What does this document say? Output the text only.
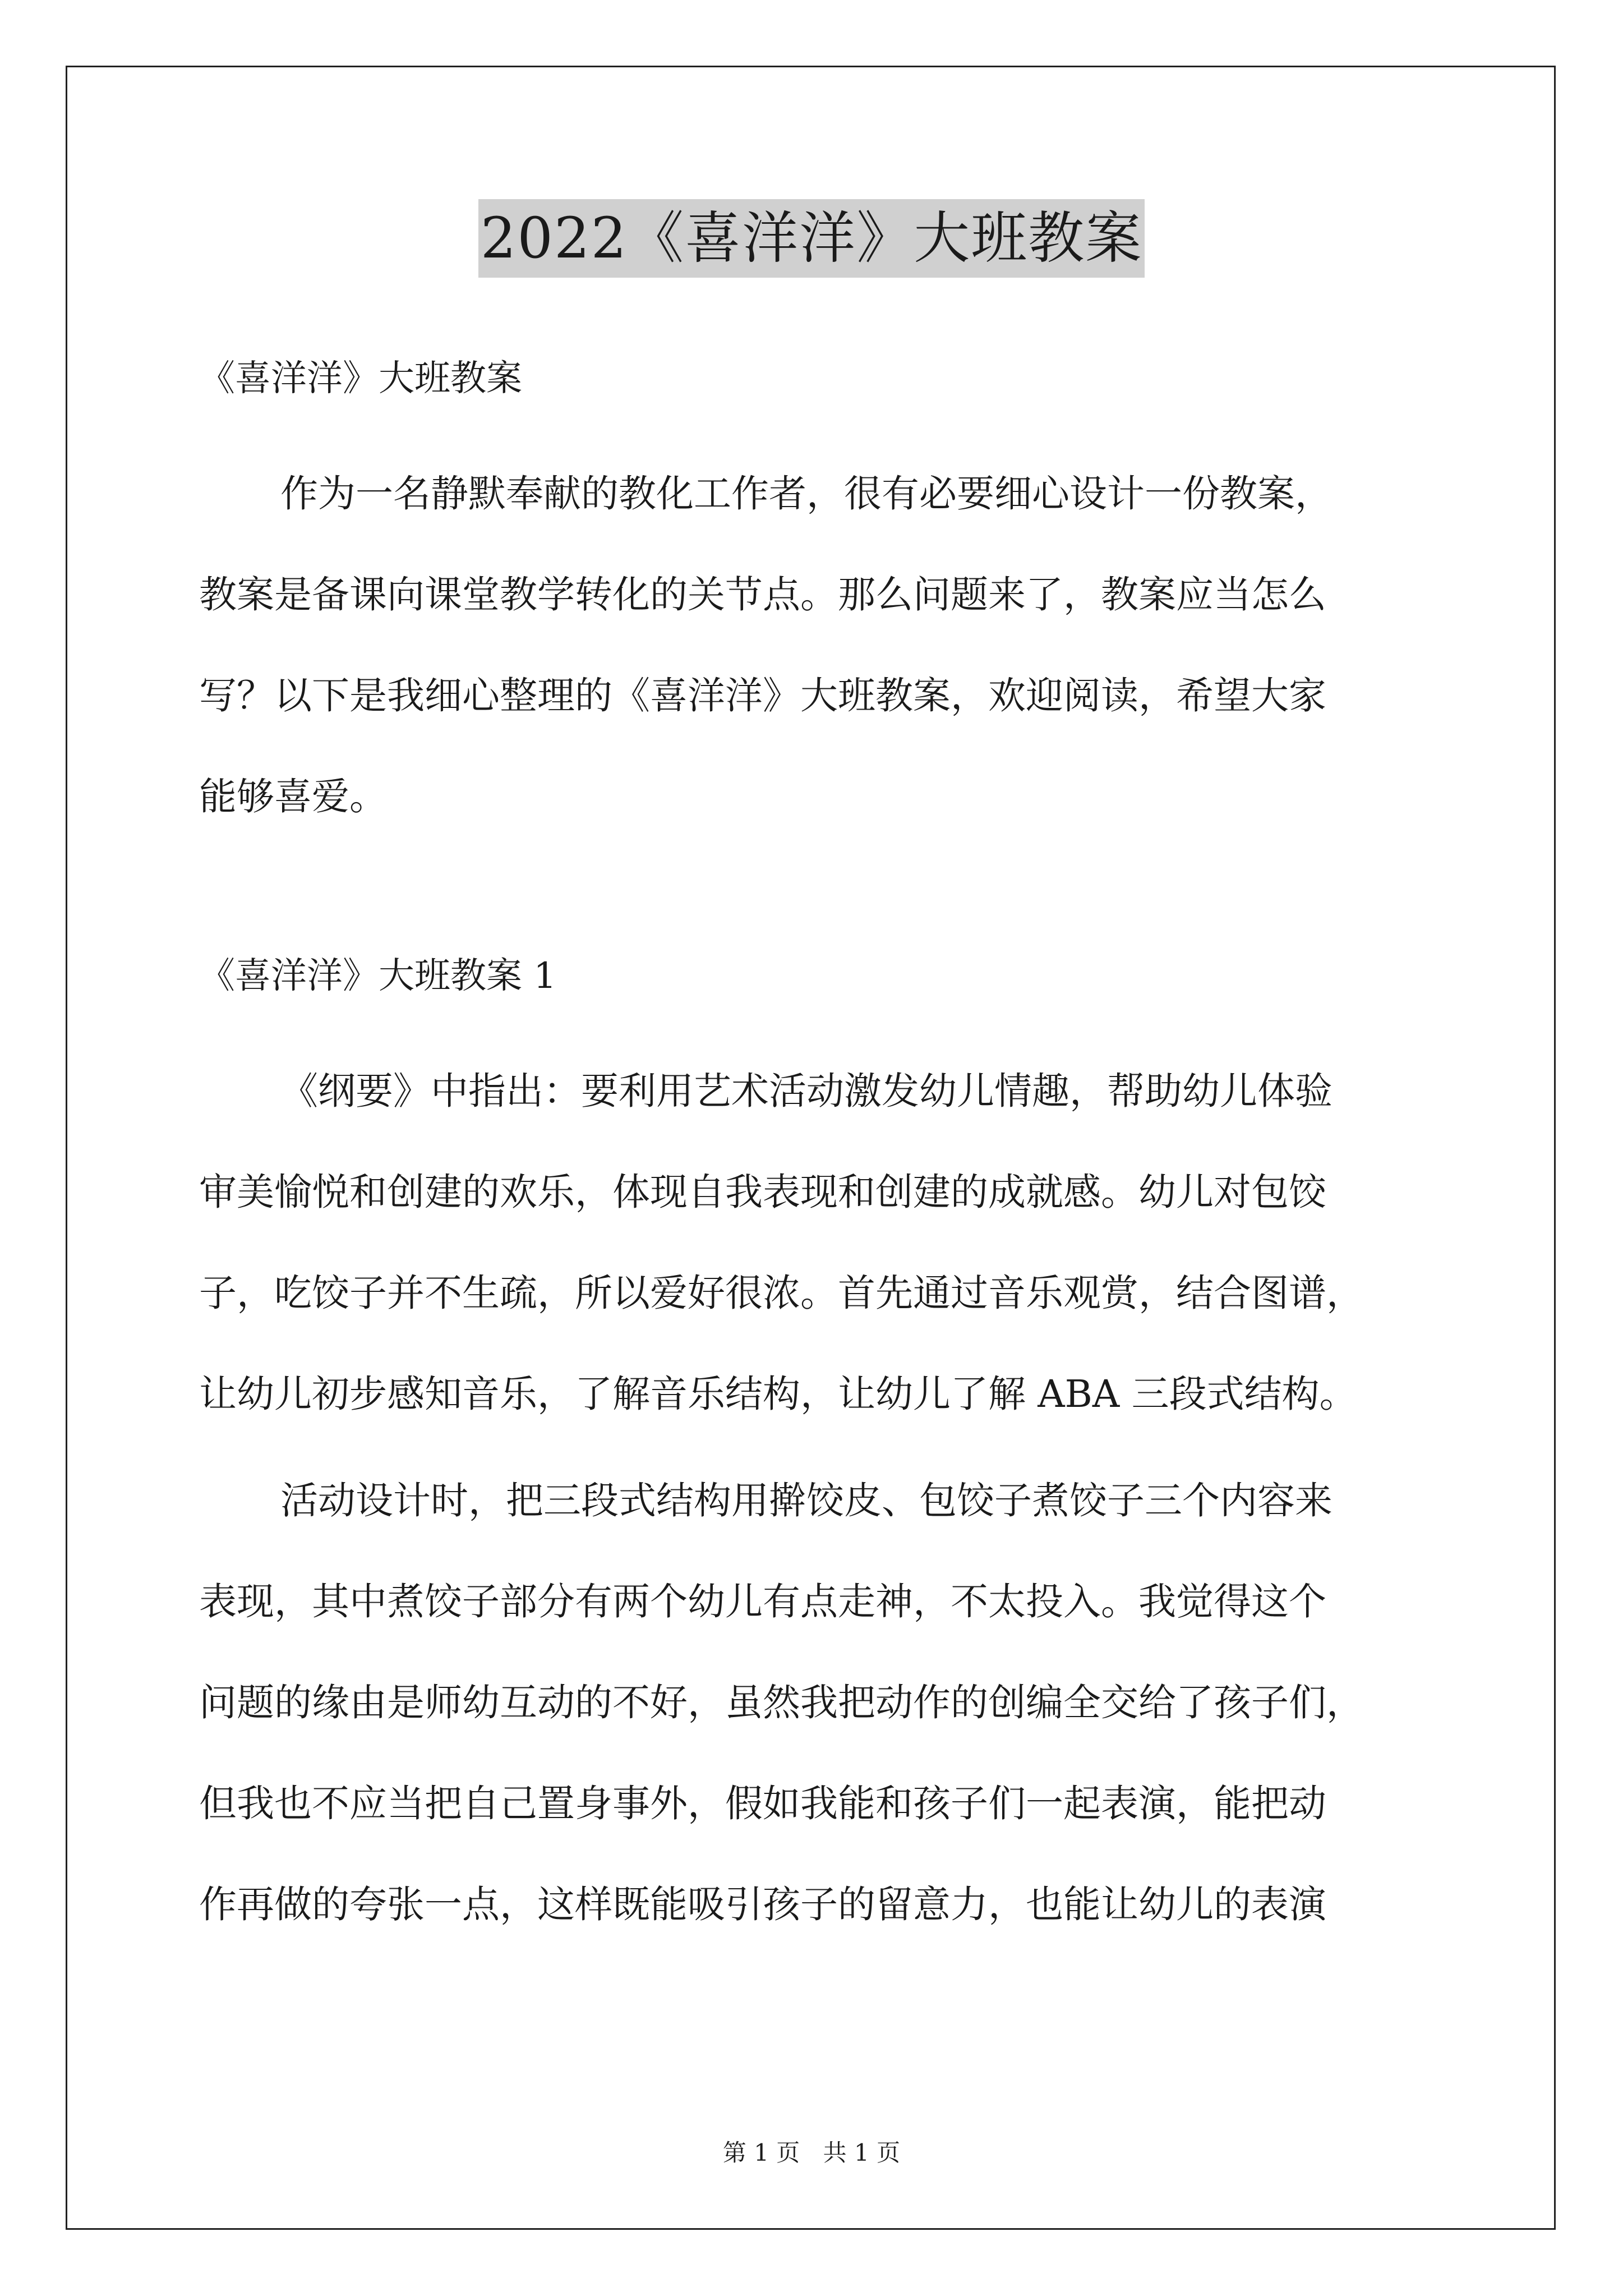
2022《喜洋洋》大班教案
《喜洋洋》大班教案
作为一名静默奉献的教化工作者，很有必要细心设计一份教案，
教案是备课向课堂教学转化的关节点。那么问题来了，教案应当怎么
写？以下是我细心整理的《喜洋洋》大班教案，欢迎阅读，希望大家
能够喜爱。
《喜洋洋》大班教案 1
《纲要》中指出：要利用艺术活动激发幼儿情趣，帮助幼儿体验
审美愉悦和创建的欢乐，体现自我表现和创建的成就感。幼儿对包饺
子，吃饺子并不生疏，所以爱好很浓。首先通过音乐观赏，结合图谱，
让幼儿初步感知音乐，了解音乐结构，让幼儿了解 ABA 三段式结构。
活动设计时，把三段式结构用擀饺皮、包饺子煮饺子三个内容来
表现，其中煮饺子部分有两个幼儿有点走神，不太投入。我觉得这个
问题的缘由是师幼互动的不好，虽然我把动作的创编全交给了孩子们，
但我也不应当把自己置身事外，假如我能和孩子们一起表演，能把动
作再做的夸张一点，这样既能吸引孩子的留意力，也能让幼儿的表演
第 1 页 共 1 页
